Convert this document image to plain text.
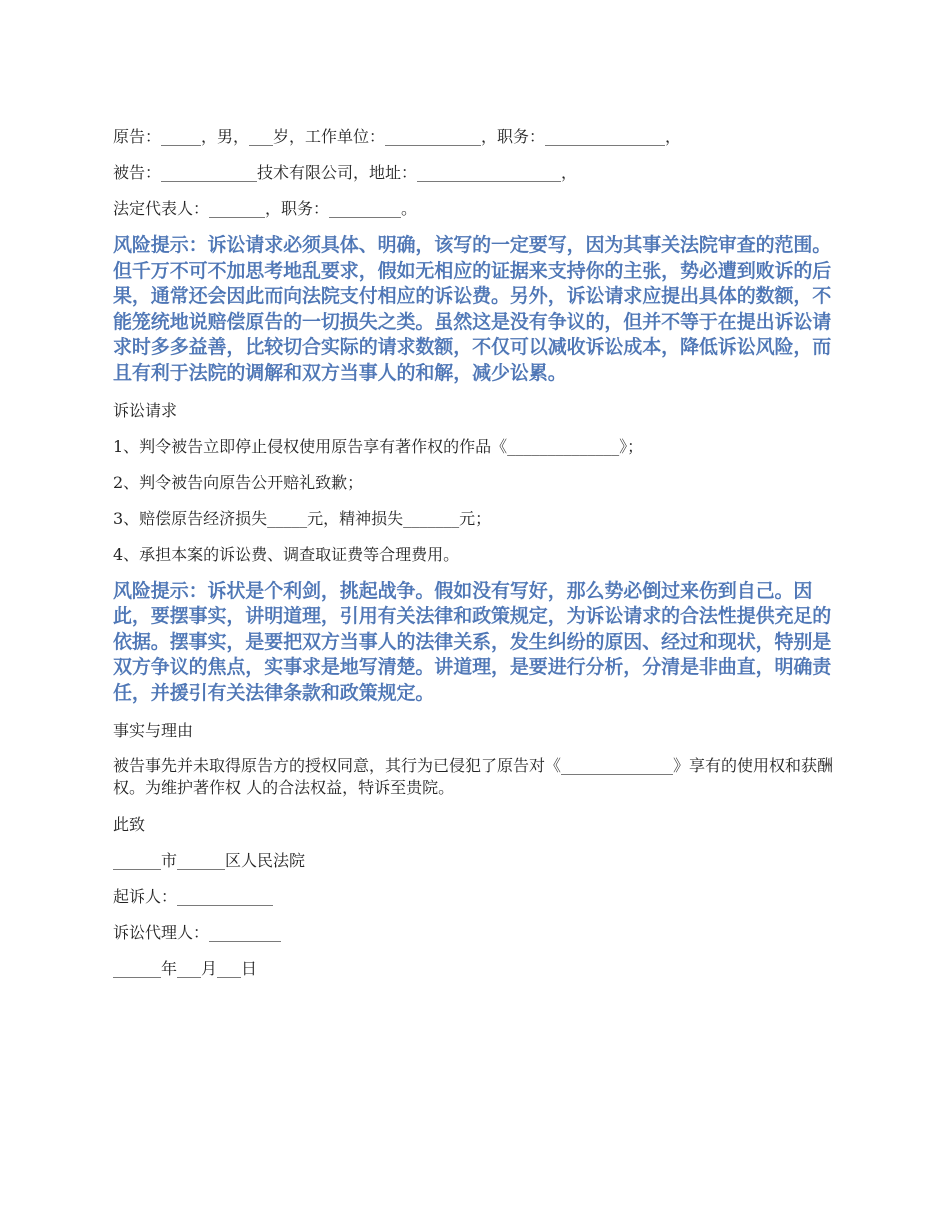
原告：_____，男，___岁，工作单位：____________，职务：_______________，
被告：____________技术有限公司，地址：__________________，
法定代表人：_______，职务：_________。
风险提示：诉讼请求必须具体、明确，该写的一定要写，因为其事关法院审查的范围。但千万不可不加思考地乱要求，假如无相应的证据来支持你的主张，势必遭到败诉的后果，通常还会因此而向法院支付相应的诉讼费。另外，诉讼请求应提出具体的数额，不能笼统地说赔偿原告的一切损失之类。虽然这是没有争议的，但并不等于在提出诉讼请求时多多益善，比较切合实际的请求数额，不仅可以减收诉讼成本，降低诉讼风险，而且有利于法院的调解和双方当事人的和解，减少讼累。
诉讼请求
1、判令被告立即停止侵权使用原告享有著作权的作品《______________》；
2、判令被告向原告公开赔礼致歉；
3、赔偿原告经济损失_____元，精神损失_______元；
4、承担本案的诉讼费、调查取证费等合理费用。
风险提示：诉状是个利剑，挑起战争。假如没有写好，那么势必倒过来伤到自己。因此，要摆事实，讲明道理，引用有关法律和政策规定，为诉讼请求的合法性提供充足的依据。摆事实，是要把双方当事人的法律关系，发生纠纷的原因、经过和现状，特别是双方争议的焦点，实事求是地写清楚。讲道理，是要进行分析，分清是非曲直，明确责任，并援引有关法律条款和政策规定。
事实与理由
被告事先并未取得原告方的授权同意，其行为已侵犯了原告对《______________》享有的使用权和获酬权。为维护著作权 人的合法权益，特诉至贵院。
此致
______市______区人民法院
起诉人：____________
诉讼代理人：_________
______年___月___日
